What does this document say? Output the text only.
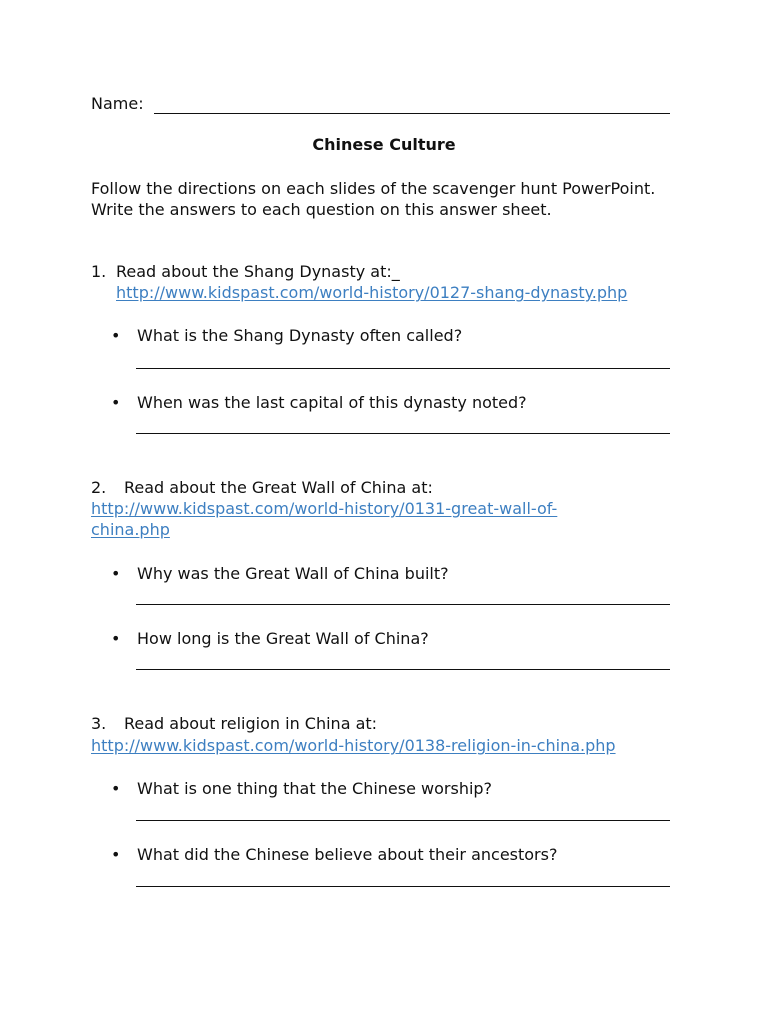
Name:
Chinese Culture
Follow the directions on each slides of the scavenger hunt PowerPoint. Write the answers to each question on this answer sheet.
1. Read about the Shang Dynasty at:_
http://www.kidspast.com/world-history/0127-shang-dynasty.php
• What is the Shang Dynasty often called?
• When was the last capital of this dynasty noted?
2. Read about the Great Wall of China at:
http://www.kidspast.com/world-history/0131-great-wall-of-
china.php
• Why was the Great Wall of China built?
• How long is the Great Wall of China?
3. Read about religion in China at:
http://www.kidspast.com/world-history/0138-religion-in-china.php
• What is one thing that the Chinese worship?
• What did the Chinese believe about their ancestors?
